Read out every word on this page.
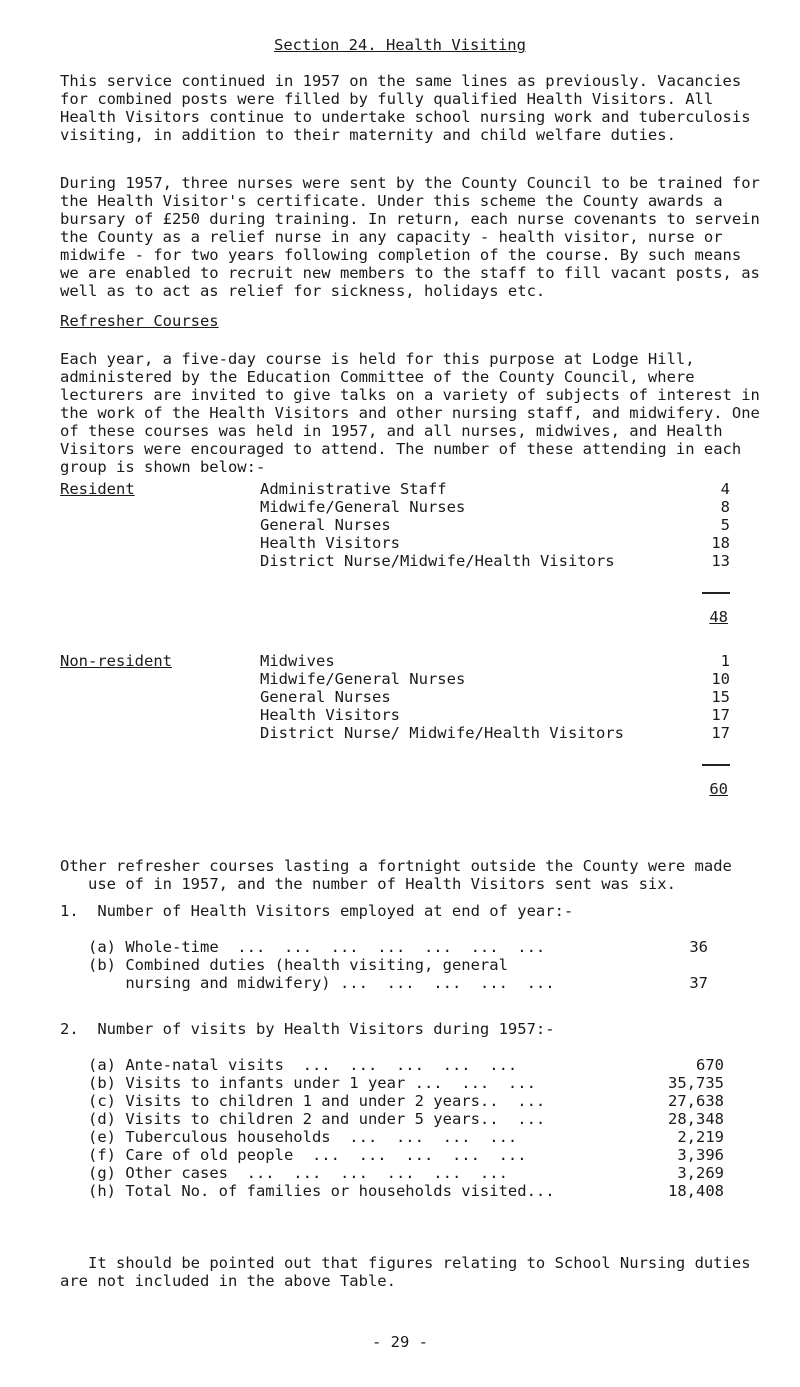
Section 24. Health Visiting

This service continued in 1957 on the same lines as previously. Vacancies for combined posts were filled by fully qualified Health Visitors. All Health Visitors continue to undertake school nursing work and tuberculosis visiting, in addition to their maternity and child welfare duties.

During 1957, three nurses were sent by the County Council to be trained for the Health Visitor's certificate. Under this scheme the County awards a bursary of £250 during training. In return, each nurse covenants to servein the County as a relief nurse in any capacity - health visitor, nurse or midwife - for two years following completion of the course. By such means we are enabled to recruit new members to the staff to fill vacant posts, as well as to act as relief for sickness, holidays etc.

Refresher Courses

Each year, a five-day course is held for this purpose at Lodge Hill, administered by the Education Committee of the County Council, where lecturers are invited to give talks on a variety of subjects of interest in the work of the Health Visitors and other nursing staff, and midwifery. One of these courses was held in 1957, and all nurses, midwives, and Health Visitors were encouraged to attend. The number of these attending in each group is shown below:-

Resident	Administrative Staff	4
Midwife/General Nurses	8
General Nurses	5
Health Visitors	18
District Nurse/Midwife/Health Visitors	13
48
Non-resident	Midwives	1
Midwife/General Nurses	10
General Nurses	15
Health Visitors	17
District Nurse/ Midwife/Health Visitors	17
60

Other refresher courses lasting a fortnight outside the County were made use of in 1957, and the number of Health Visitors sent was six.

1.  Number of Health Visitors employed at end of year:-
(a) Whole-time  ...  ...  ...  ...  ...  ...  ...	36
(b) Combined duties (health visiting, general
nursing and midwifery) ...  ...  ...  ...  ...	37
2.  Number of visits by Health Visitors during 1957:-
(a) Ante-natal visits  ...  ...  ...  ...  ...	670
(b) Visits to infants under 1 year ...  ...  ...	35,735
(c) Visits to children 1 and under 2 years..  ...	27,638
(d) Visits to children 2 and under 5 years..  ...	28,348
(e) Tuberculous households  ...  ...  ...  ...	2,219
(f) Care of old people  ...  ...  ...  ...  ...	3,396
(g) Other cases  ...  ...  ...  ...  ...  ...	3,269
(h) Total No. of families or households visited...	18,408

It should be pointed out that figures relating to School Nursing duties are not included in the above Table.

- 29 -
